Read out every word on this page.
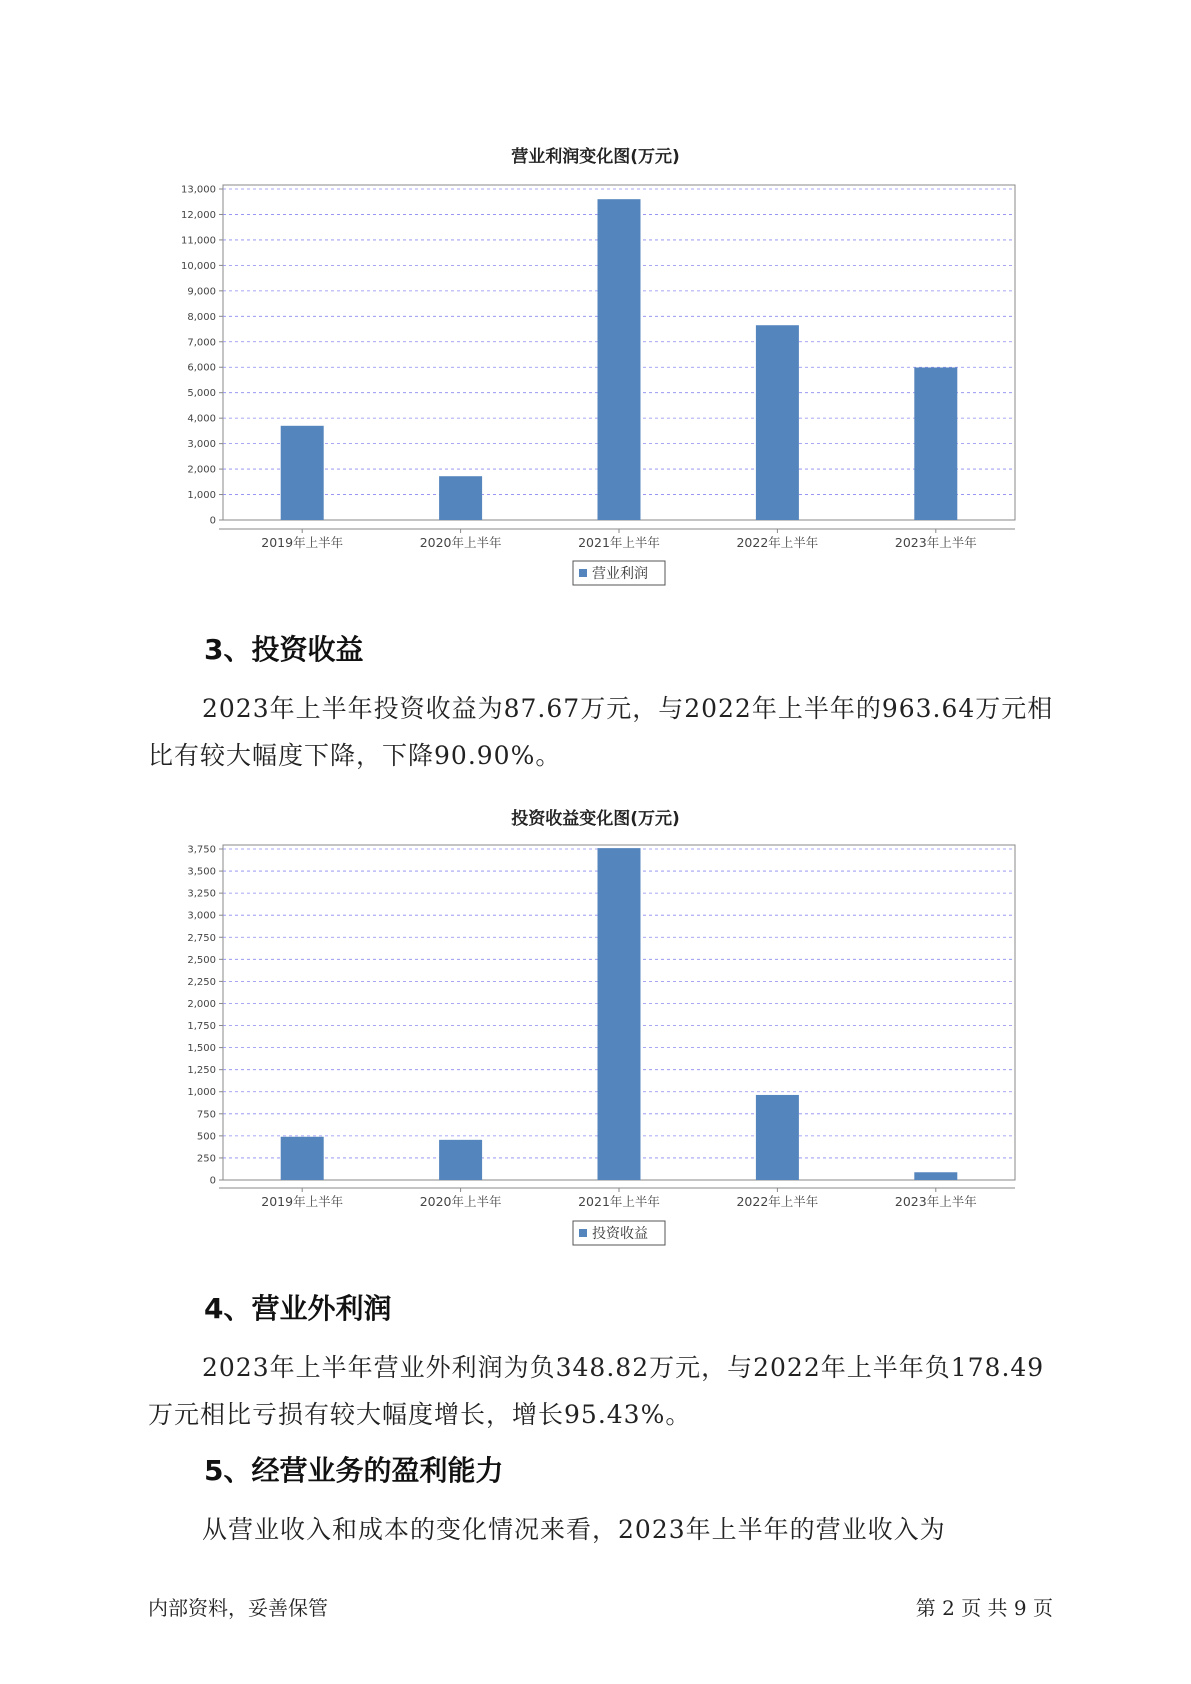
营业利润变化图(万元)
0
1,000
2,000
3,000
4,000
5,000
6,000
7,000
8,000
9,000
10,000
11,000
12,000
13,000
2019年上半年	2020年上半年	2021年上半年	2022年上半年	2023年上半年
营业利润
3、投资收益
2023年上半年投资收益为87.67万元，与2022年上半年的963.64万元相
比有较大幅度下降，下降90.90%。
投资收益变化图(万元)
0
250
500
750
1,000
1,250
1,500
1,750
2,000
2,250
2,500
2,750
3,000
3,250
3,500
3,750
2019年上半年	2020年上半年	2021年上半年	2022年上半年	2023年上半年
投资收益
4、营业外利润
2023年上半年营业外利润为负348.82万元，与2022年上半年负178.49
万元相比亏损有较大幅度增长，增长95.43%。
5、经营业务的盈利能力
从营业收入和成本的变化情况来看，2023年上半年的营业收入为
内部资料，妥善保管	第 2 页 共 9 页
